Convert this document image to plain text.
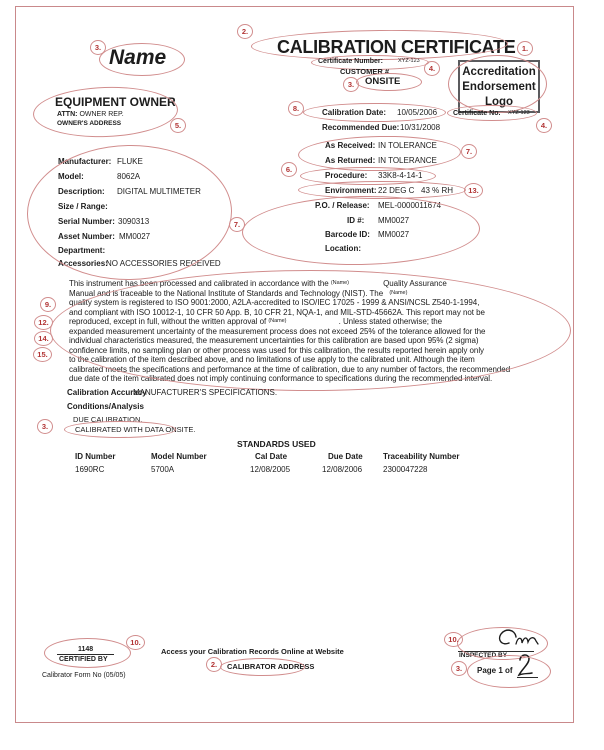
Name
3.	CALIBRATION CERTIFICATE
2.
Certificate Number:	XYZ-123
4.
CUSTOMER #
ONSITE
3.
Accreditation
Endorsement
Logo
1.
EQUIPMENT OWNER
ATTN: OWNER REP.
OWNER'S ADDRESS	5.
Manufacturer: FLUKE
Model:	8062A
Description: DIGITAL MULTIMETER
Size / Range:
Serial Number: 3090313
Asset Number: MM0027
Department:
Accessories:
NO ACCESSORIES RECEIVED
7.
Calibration Date: 10/05/2006
8.
Certificate No. XYZ-123
4.
Recommended Due: 10/31/2008
As Received: IN TOLERANCE
As Returned: IN TOLERANCE
7.
Procedure: 33K8-4-14-1
6.
Environment: 22 DEG C 43 % RH	13.
P.O. / Release: MEL-0000011674
ID #: MM0027
Barcode ID: MM0027
Location:
This instrument has been processed and calibrated in accordance with the $^{(Name)}$	Quality Assurance
Manual and is traceable to the National Institute of Standards and Technology (NIST). The $^{(Name)}$
quality system is registered to ISO 9001:2000, A2LA-accredited to ISO/IEC 17025 - 1999 & ANSI/NCSL Z540-1-1994,
and compliant with ISO 10012-1, 10 CFR 50 App. B, 10 CFR 21, NQA-1, and MIL-STD-45662A. This report may not be
reproduced, except in full, without the written approval of $^{(Name)}$	. Unless stated otherwise; the
expanded measurement uncertainty of the measurement process does not exceed 25% of the tolerance allowed for the
individual characteristics measured, the measurement uncertainties for this calibration are based upon 95% (2 sigma)
confidence limits, no sampling plan or other process was used for this calibration, the results reported herein apply only
to the calibration of the item described above, and no limitations of use apply to the calibrated unit. Although the item
calibrated meets the specifications and performance at the time of calibration, due to any number of factors, the recommended
due date of the item calibrated does not imply continuing conformance to specifications during the recommended interval.
9.
12.
14.
15.
Calibration Accuracy
MANUFACTURER'S SPECIFICATIONS.
Conditions/Analysis
DUE CALIBRATION.
CALIBRATED WITH DATA ONSITE.
3.
STANDARDS USED
ID Number	Model Number	Cal Date	Due Date	Traceability Number
1690RC	5700A	12/08/2005	12/08/2006	2300047228
1148
CERTIFIED BY
10.
Calibrator Form No (05/05)
Access your Calibration Records Online at Website
CALIBRATOR ADDRESS
2.
INSPECTED BY
10.
Page 1 of
3.
